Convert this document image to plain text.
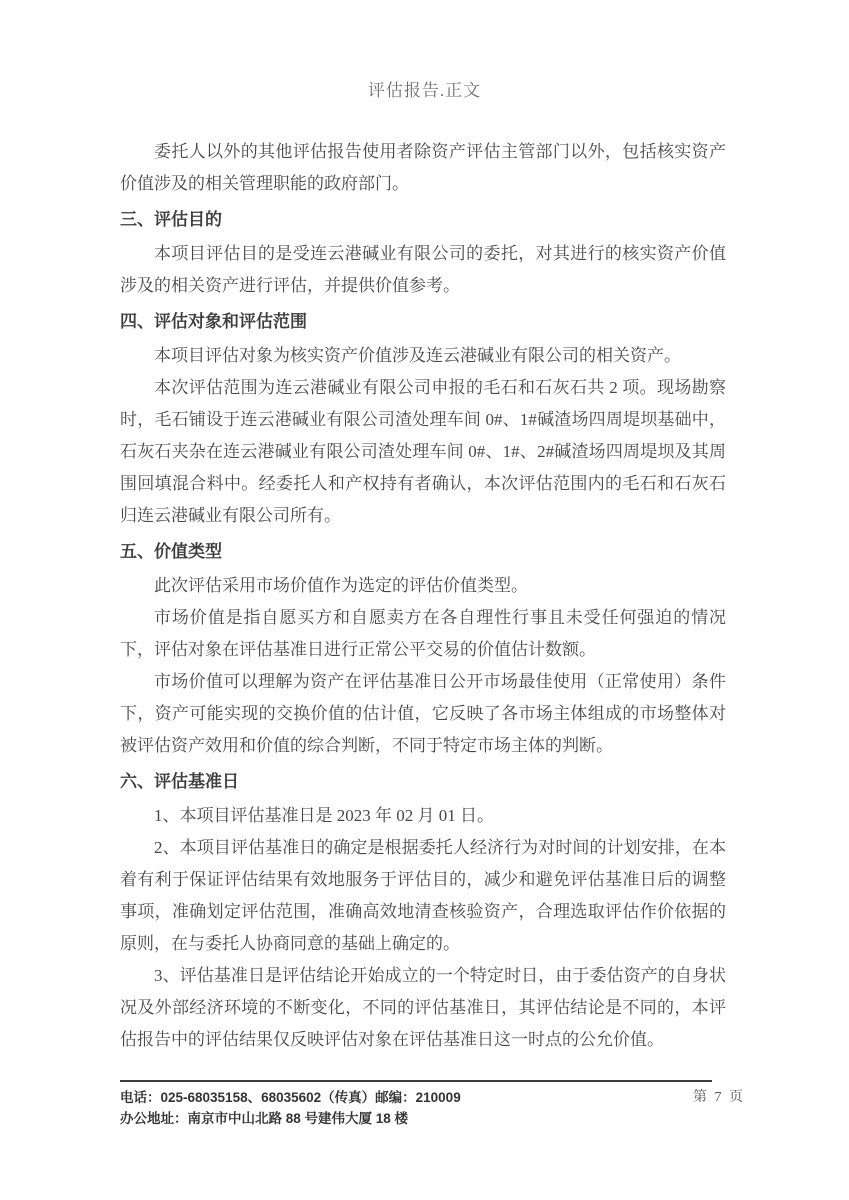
评估报告.正文

委托人以外的其他评估报告使用者除资产评估主管部门以外，包括核实资产价值涉及的相关管理职能的政府部门。

三、评估目的

本项目评估目的是受连云港碱业有限公司的委托，对其进行的核实资产价值涉及的相关资产进行评估，并提供价值参考。

四、评估对象和评估范围

本项目评估对象为核实资产价值涉及连云港碱业有限公司的相关资产。

本次评估范围为连云港碱业有限公司申报的毛石和石灰石共 2 项。现场勘察时，毛石铺设于连云港碱业有限公司渣处理车间 0#、1#碱渣场四周堤坝基础中，石灰石夹杂在连云港碱业有限公司渣处理车间 0#、1#、2#碱渣场四周堤坝及其周围回填混合料中。经委托人和产权持有者确认，本次评估范围内的毛石和石灰石归连云港碱业有限公司所有。

五、价值类型

此次评估采用市场价值作为选定的评估价值类型。

市场价值是指自愿买方和自愿卖方在各自理性行事且未受任何强迫的情况下，评估对象在评估基准日进行正常公平交易的价值估计数额。

市场价值可以理解为资产在评估基准日公开市场最佳使用（正常使用）条件下，资产可能实现的交换价值的估计值，它反映了各市场主体组成的市场整体对被评估资产效用和价值的综合判断，不同于特定市场主体的判断。

六、评估基准日

1、本项目评估基准日是 2023 年 02 月 01 日。

2、本项目评估基准日的确定是根据委托人经济行为对时间的计划安排，在本着有利于保证评估结果有效地服务于评估目的，减少和避免评估基准日后的调整事项，准确划定评估范围，准确高效地清查核验资产，合理选取评估作价依据的原则，在与委托人协商同意的基础上确定的。

3、评估基准日是评估结论开始成立的一个特定时日，由于委估资产的自身状况及外部经济环境的不断变化，不同的评估基准日，其评估结论是不同的，本评估报告中的评估结果仅反映评估对象在评估基准日这一时点的公允价值。

电话：025-68035158、68035602（传真）邮编：210009
办公地址：南京市中山北路 88 号建伟大厦 18 楼
第 7 页
